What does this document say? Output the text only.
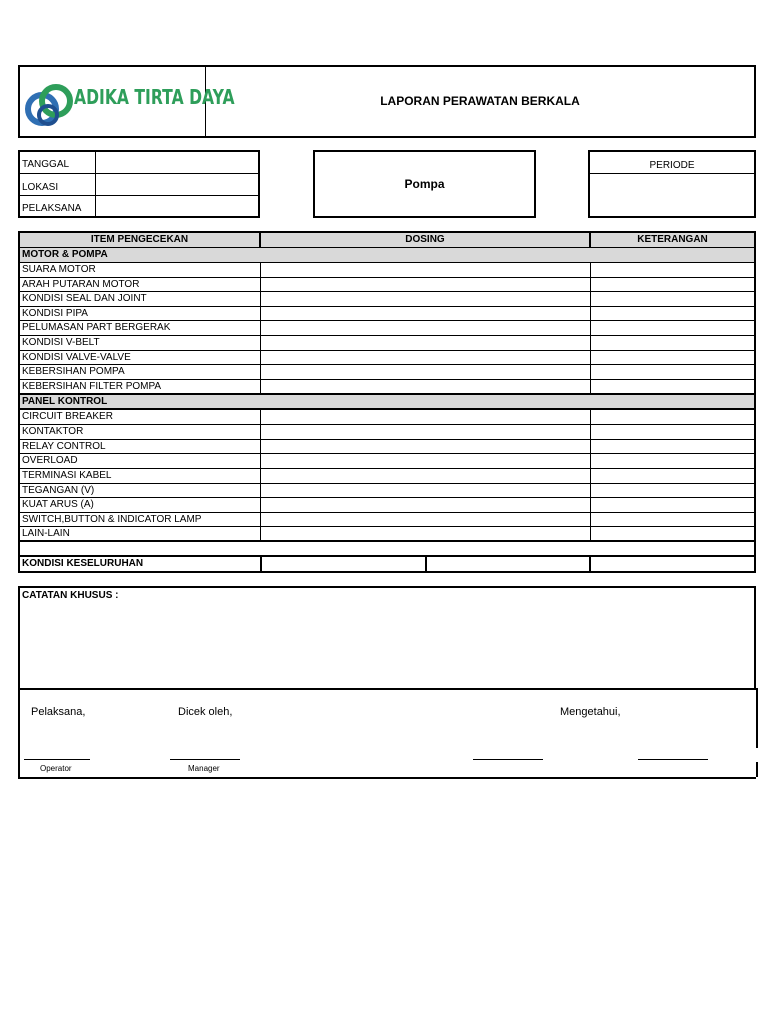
ADIKA TIRTA DAYA	LAPORAN PERAWATAN BERKALA
TANGGAL
LOKASI
PELAKSANA
Pompa
PERIODE
ITEM PENGECEKAN	DOSING	KETERANGAN
MOTOR & POMPA
SUARA MOTOR
ARAH PUTARAN MOTOR
KONDISI SEAL DAN JOINT
KONDISI PIPA
PELUMASAN PART BERGERAK
KONDISI V-BELT
KONDISI VALVE-VALVE
KEBERSIHAN POMPA
KEBERSIHAN FILTER POMPA
PANEL KONTROL
CIRCUIT BREAKER
KONTAKTOR
RELAY CONTROL
OVERLOAD
TERMINASI KABEL
TEGANGAN (V)
KUAT ARUS (A)
SWITCH,BUTTON & INDICATOR LAMP
LAIN-LAIN
KONDISI KESELURUHAN
CATATAN KHUSUS :
Pelaksana,	Dicek oleh,	Mengetahui,
Operator	Manager
